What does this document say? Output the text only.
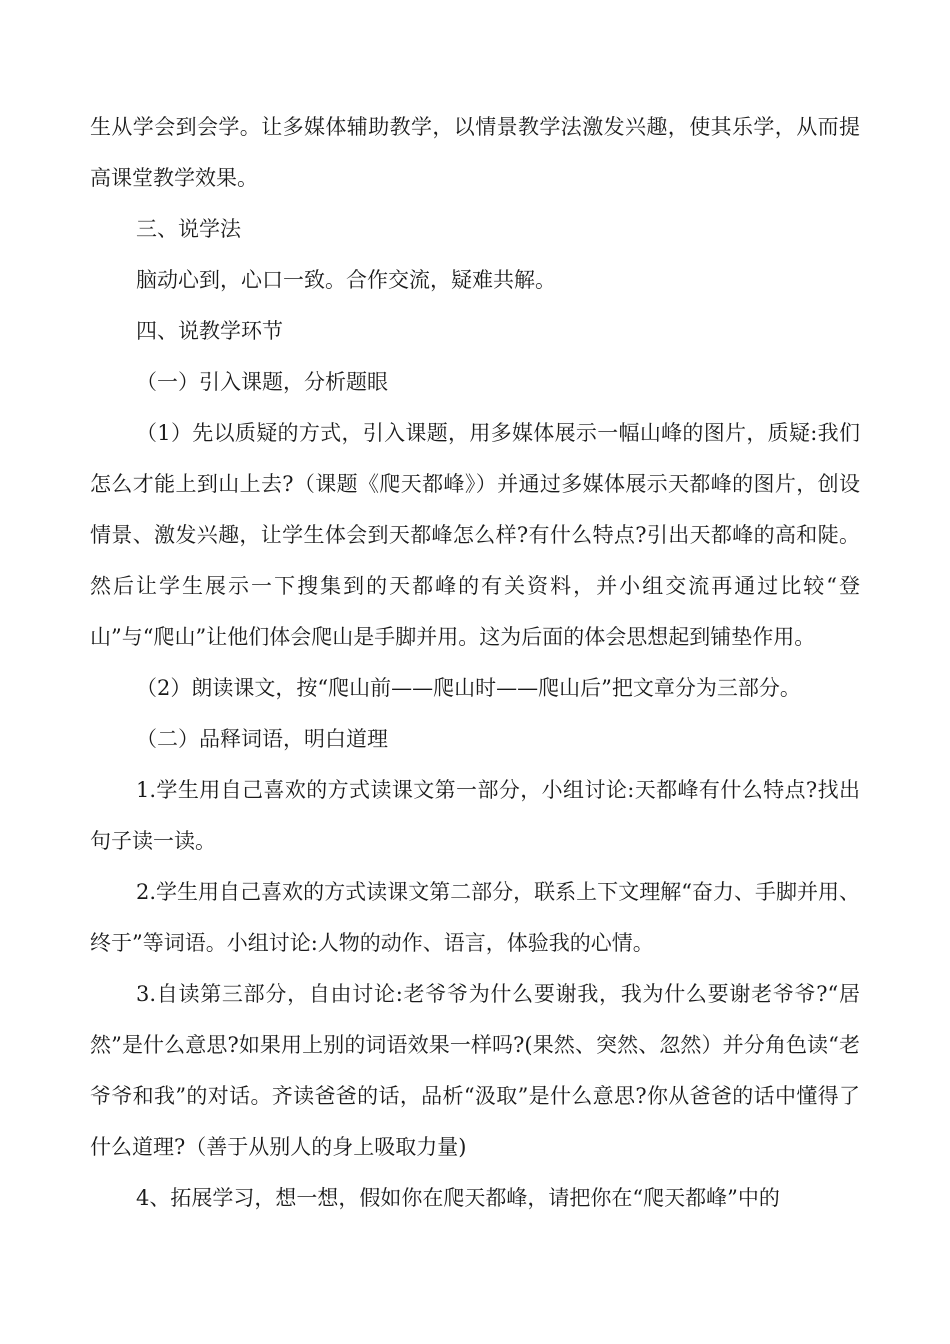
生从学会到会学。让多媒体辅助教学，以情景教学法激发兴趣，使其乐学，从而提高课堂教学效果。

三、说学法

脑动心到，心口一致。合作交流，疑难共解。

四、说教学环节

（一）引入课题，分析题眼

（1）先以质疑的方式，引入课题，用多媒体展示一幅山峰的图片，质疑:我们怎么才能上到山上去?（课题《爬天都峰》）并通过多媒体展示天都峰的图片，创设情景、激发兴趣，让学生体会到天都峰怎么样?有什么特点?引出天都峰的高和陡。然后让学生展示一下搜集到的天都峰的有关资料，并小组交流再通过比较“登山”与“爬山”让他们体会爬山是手脚并用。这为后面的体会思想起到铺垫作用。

（2）朗读课文，按“爬山前——爬山时——爬山后”把文章分为三部分。

（二）品释词语，明白道理

1.学生用自己喜欢的方式读课文第一部分，小组讨论:天都峰有什么特点?找出句子读一读。

2.学生用自己喜欢的方式读课文第二部分，联系上下文理解“奋力、手脚并用、终于”等词语。小组讨论:人物的动作、语言，体验我的心情。

3.自读第三部分，自由讨论:老爷爷为什么要谢我，我为什么要谢老爷爷?“居然”是什么意思?如果用上别的词语效果一样吗?(果然、突然、忽然）并分角色读“老爷爷和我”的对话。齐读爸爸的话，品析“汲取”是什么意思?你从爸爸的话中懂得了什么道理?（善于从别人的身上吸取力量)

4、拓展学习，想一想，假如你在爬天都峰，请把你在“爬天都峰”中的
